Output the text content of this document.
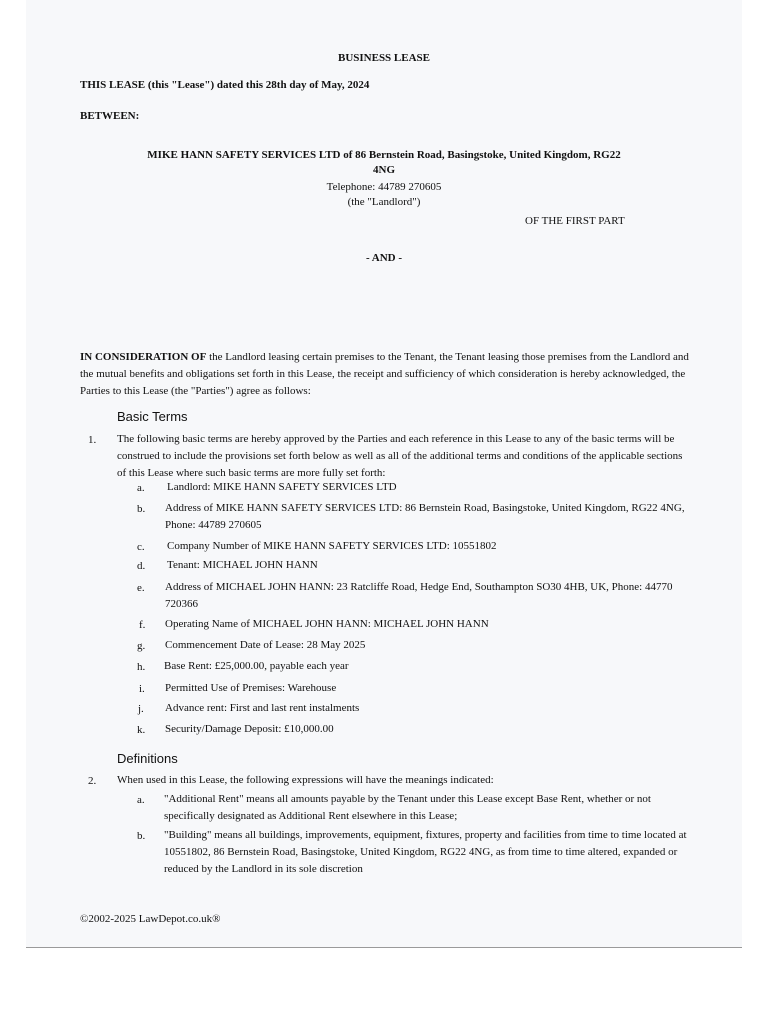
BUSINESS LEASE
THIS LEASE (this "Lease") dated this 28th day of May, 2024
BETWEEN:
MIKE HANN SAFETY SERVICES LTD of 86 Bernstein Road, Basingstoke, United Kingdom, RG22
4NG
Telephone: 44789 270605
(the "Landlord")
OF THE FIRST PART
- AND -
IN CONSIDERATION OF the Landlord leasing certain premises to the Tenant, the Tenant leasing those premises from the Landlord and the mutual benefits and obligations set forth in this Lease, the receipt and sufficiency of which consideration is hereby acknowledged, the Parties to this Lease (the "Parties") agree as follows:
Basic Terms
1. The following basic terms are hereby approved by the Parties and each reference in this Lease to any of the basic terms will be construed to include the provisions set forth below as well as all of the additional terms and conditions of the applicable sections of this Lease where such basic terms are more fully set forth:
a. Landlord: MIKE HANN SAFETY SERVICES LTD
b. Address of MIKE HANN SAFETY SERVICES LTD: 86 Bernstein Road, Basingstoke, United Kingdom, RG22 4NG, Phone: 44789 270605
c. Company Number of MIKE HANN SAFETY SERVICES LTD: 10551802
d. Tenant: MICHAEL JOHN HANN
e. Address of MICHAEL JOHN HANN: 23 Ratcliffe Road, Hedge End, Southampton SO30 4HB, UK, Phone: 44770 720366
f. Operating Name of MICHAEL JOHN HANN: MICHAEL JOHN HANN
g. Commencement Date of Lease: 28 May 2025
h. Base Rent: £25,000.00, payable each year
i. Permitted Use of Premises: Warehouse
j. Advance rent: First and last rent instalments
k. Security/Damage Deposit: £10,000.00
Definitions
2. When used in this Lease, the following expressions will have the meanings indicated:
a. "Additional Rent" means all amounts payable by the Tenant under this Lease except Base Rent, whether or not specifically designated as Additional Rent elsewhere in this Lease;
b. "Building" means all buildings, improvements, equipment, fixtures, property and facilities from time to time located at 10551802, 86 Bernstein Road, Basingstoke, United Kingdom, RG22 4NG, as from time to time altered, expanded or reduced by the Landlord in its sole discretion
©2002-2025 LawDepot.co.uk®
